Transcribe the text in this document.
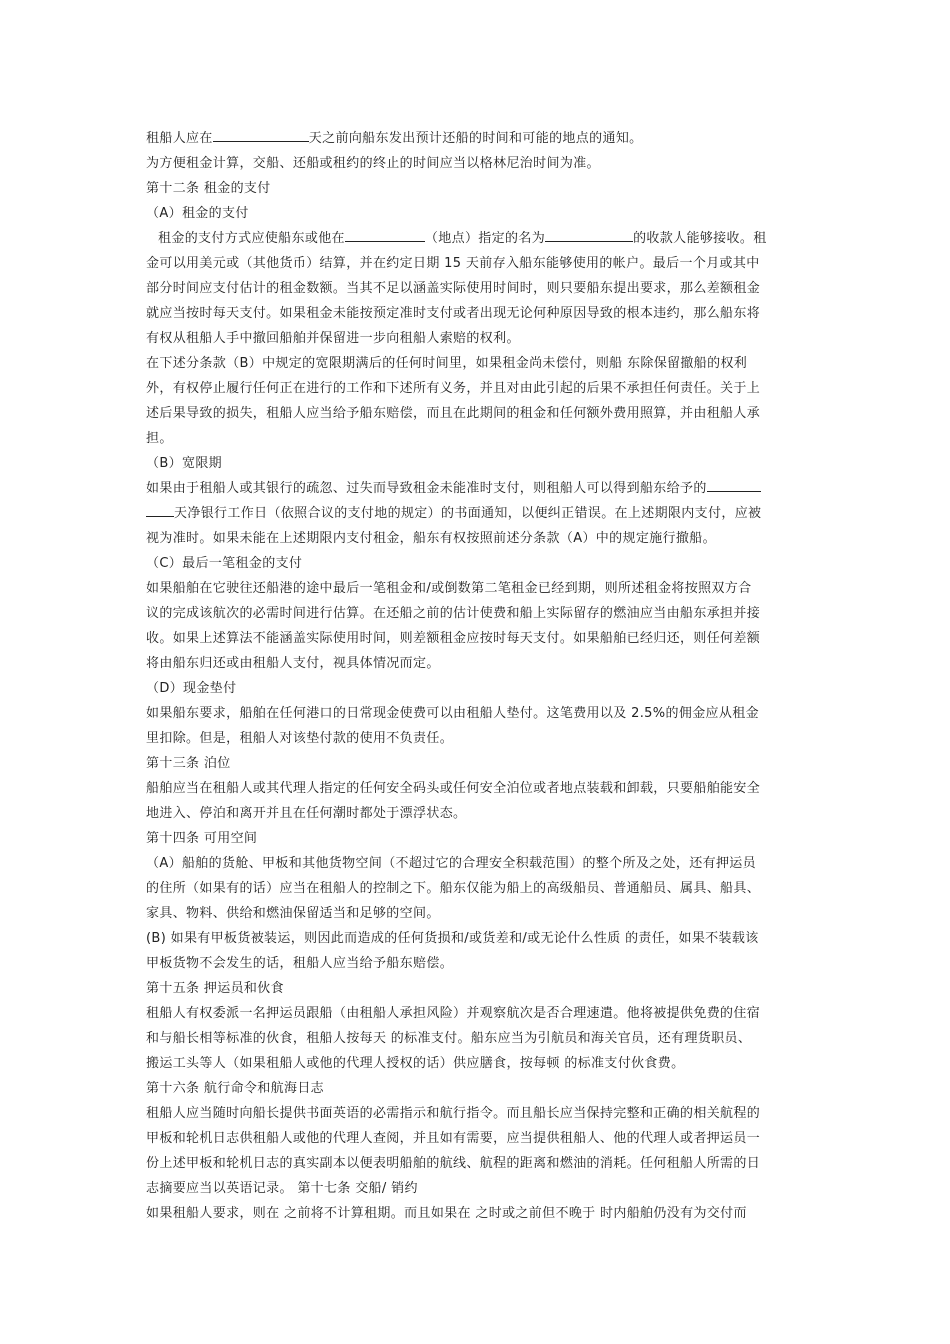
租船人应在	天之前向船东发出预计还船的时间和可能的地点的通知。
为方便租金计算，交船、还船或租约的终止的时间应当以格林尼治时间为准。
第十二条 租金的支付
（A）租金的支付
租金的支付方式应使船东或他在	（地点）指定的名为	的收款人能够接收。租
金可以用美元或（其他货币）结算，并在约定日期 15 天前存入船东能够使用的帐户。最后一个月或其中
部分时间应支付估计的租金数额。当其不足以涵盖实际使用时间时，则只要船东提出要求，那么差额租金
就应当按时每天支付。如果租金未能按预定准时支付或者出现无论何种原因导致的根本违约，那么船东将
有权从租船人手中撤回船舶并保留进一步向租船人索赔的权利。
在下述分条款（B）中规定的宽限期满后的任何时间里，如果租金尚未偿付，则船 东除保留撤船的权利
外，有权停止履行任何正在进行的工作和下述所有义务，并且对由此引起的后果不承担任何责任。关于上
述后果导致的损失，租船人应当给予船东赔偿，而且在此期间的租金和任何额外费用照算，并由租船人承
担。
（B）宽限期
如果由于租船人或其银行的疏忽、过失而导致租金未能准时支付，则租船人可以得到船东给予的
天净银行工作日（依照合议的支付地的规定）的书面通知，以便纠正错误。在上述期限内支付，应被
视为准时。如果未能在上述期限内支付租金，船东有权按照前述分条款（A）中的规定施行撤船。
（C）最后一笔租金的支付
如果船舶在它驶往还船港的途中最后一笔租金和/或倒数第二笔租金已经到期，则所述租金将按照双方合
议的完成该航次的必需时间进行估算。在还船之前的估计使费和船上实际留存的燃油应当由船东承担并接
收。如果上述算法不能涵盖实际使用时间，则差额租金应按时每天支付。如果船舶已经归还，则任何差额
将由船东归还或由租船人支付，视具体情况而定。
（D）现金垫付
如果船东要求，船舶在任何港口的日常现金使费可以由租船人垫付。这笔费用以及 2.5%的佣金应从租金
里扣除。但是，租船人对该垫付款的使用不负责任。
第十三条 泊位
船舶应当在租船人或其代理人指定的任何安全码头或任何安全泊位或者地点装载和卸载，只要船舶能安全
地进入、停泊和离开并且在任何潮时都处于漂浮状态。
第十四条 可用空间
（A）船舶的货舱、甲板和其他货物空间（不超过它的合理安全积载范围）的整个所及之处，还有押运员
的住所（如果有的话）应当在租船人的控制之下。船东仅能为船上的高级船员、普通船员、属具、船具、
家具、物料、供给和燃油保留适当和足够的空间。
(B) 如果有甲板货被装运，则因此而造成的任何货损和/或货差和/或无论什么性质 的责任，如果不装载该
甲板货物不会发生的话，租船人应当给予船东赔偿。
第十五条 押运员和伙食
租船人有权委派一名押运员跟船（由租船人承担风险）并观察航次是否合理速遣。他将被提供免费的住宿
和与船长相等标准的伙食，租船人按每天 的标准支付。船东应当为引航员和海关官员，还有理货职员、
搬运工头等人（如果租船人或他的代理人授权的话）供应膳食，按每顿 的标准支付伙食费。
第十六条 航行命令和航海日志
租船人应当随时向船长提供书面英语的必需指示和航行指令。而且船长应当保持完整和正确的相关航程的
甲板和轮机日志供租船人或他的代理人查阅，并且如有需要，应当提供租船人、他的代理人或者押运员一
份上述甲板和轮机日志的真实副本以便表明船舶的航线、航程的距离和燃油的消耗。任何租船人所需的日
志摘要应当以英语记录。 第十七条 交船/ 销约
如果租船人要求，则在 之前将不计算租期。而且如果在 之时或之前但不晚于 时内船舶仍没有为交付而
